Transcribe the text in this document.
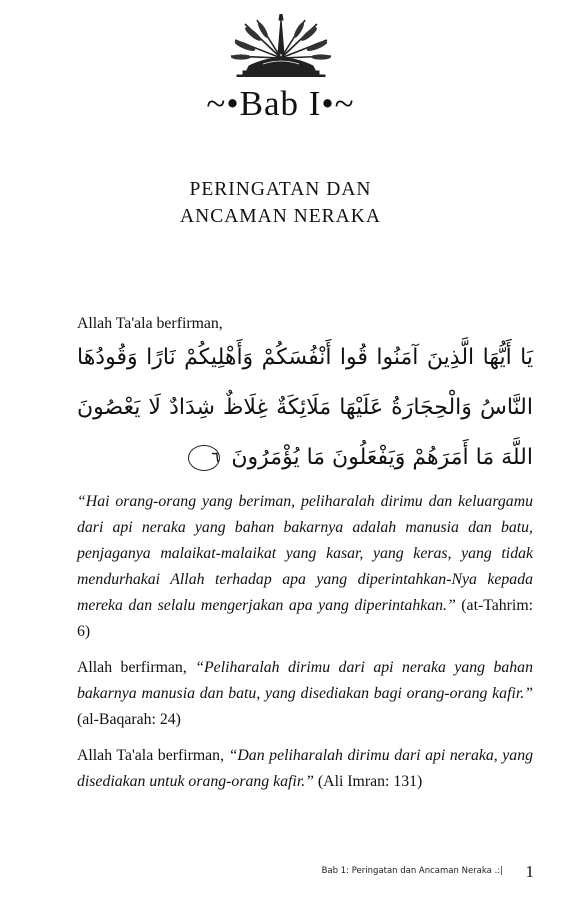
~•Bab I•~
PERINGATAN DAN
ANCAMAN NERAKA

Allah Ta'ala berfirman,

يَا أَيُّهَا الَّذِينَ آمَنُوا قُوا أَنْفُسَكُمْ وَأَهْلِيكُمْ نَارًا وَقُودُهَا النَّاسُ وَالْحِجَارَةُ عَلَيْهَا مَلَائِكَةٌ غِلَاظٌ شِدَادٌ لَا يَعْصُونَ اللَّهَ مَا أَمَرَهُمْ وَيَفْعَلُونَ مَا يُؤْمَرُونَ ٦

“Hai orang-orang yang beriman, peliharalah dirimu dan keluargamu dari api neraka yang bahan bakarnya adalah manusia dan batu, penjaganya malaikat-malaikat yang kasar, yang keras, yang tidak mendurhakai Allah terhadap apa yang diperintahkan-Nya kepada mereka dan selalu mengerjakan apa yang diperintahkan.” (at-Tahrim: 6)

Allah berfirman, “Peliharalah dirimu dari api neraka yang bahan bakarnya manusia dan batu, yang disediakan bagi orang-orang kafir.” (al-Baqarah: 24)

Allah Ta'ala berfirman, “Dan peliharalah dirimu dari api neraka, yang disediakan untuk orang-orang kafir.” (Ali Imran: 131)

Bab 1: Peringatan dan Ancaman Neraka .:| 1
